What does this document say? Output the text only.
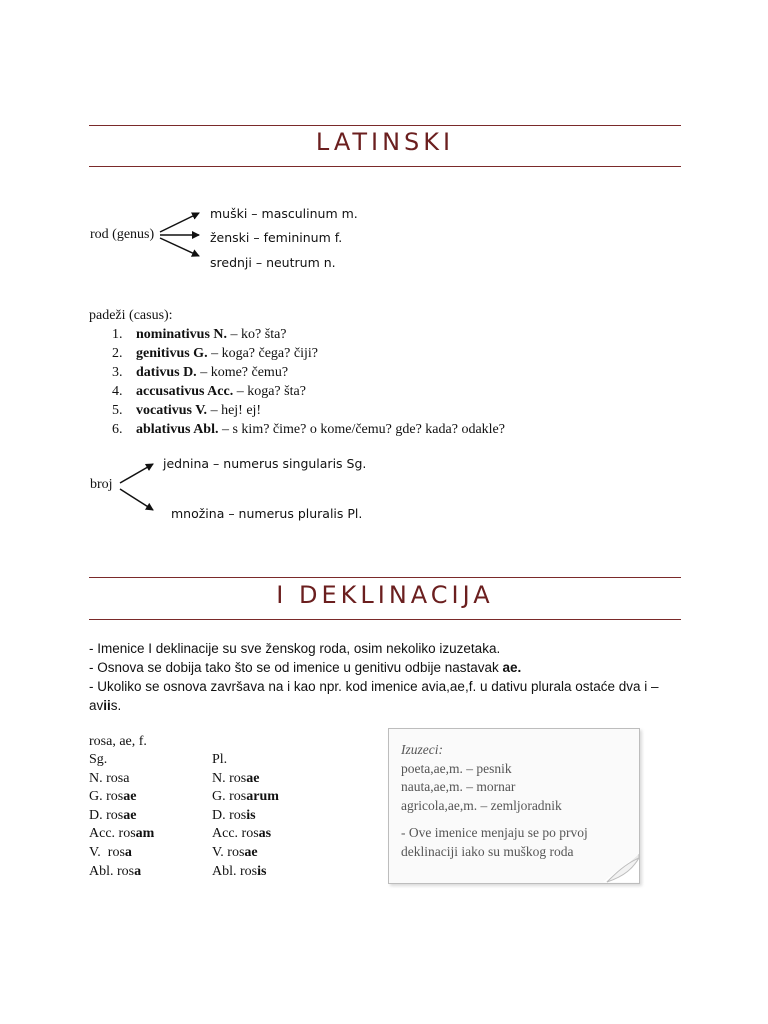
LATINSKI
rod (genus)
muški – masculinum m.
ženski – femininum f.
srednji – neutrum n.
padeži (casus):
1. nominativus N. – ko? šta?
2. genitivus G. – koga? čega? čiji?
3. dativus D. – kome? čemu?
4. accusativus Acc. – koga? šta?
5. vocativus V. – hej! ej!
6. ablativus Abl. – s kim? čime? o kome/čemu? gde? kada? odakle?
broj
jednina – numerus singularis Sg.
množina – numerus pluralis Pl.
I DEKLINACIJA
- Imenice I deklinacije su sve ženskog roda, osim nekoliko izuzetaka.
- Osnova se dobija tako što se od imenice u genitivu odbije nastavak ae.
- Ukoliko se osnova završava na i kao npr. kod imenice avia,ae,f. u dativu plurala ostaće dva i –
aviis.
rosa, ae, f.
Sg.
N. rosa
G. rosae
D. rosae
Acc. rosam
V.  rosa
Abl. rosa
Pl.
N. rosae
G. rosarum
D. rosis
Acc. rosas
V. rosae
Abl. rosis
Izuzeci:
poeta,ae,m. – pesnik
nauta,ae,m. – mornar
agricola,ae,m. – zemljoradnik
- Ove imenice menjaju se po prvoj
deklinaciji iako su muškog roda
